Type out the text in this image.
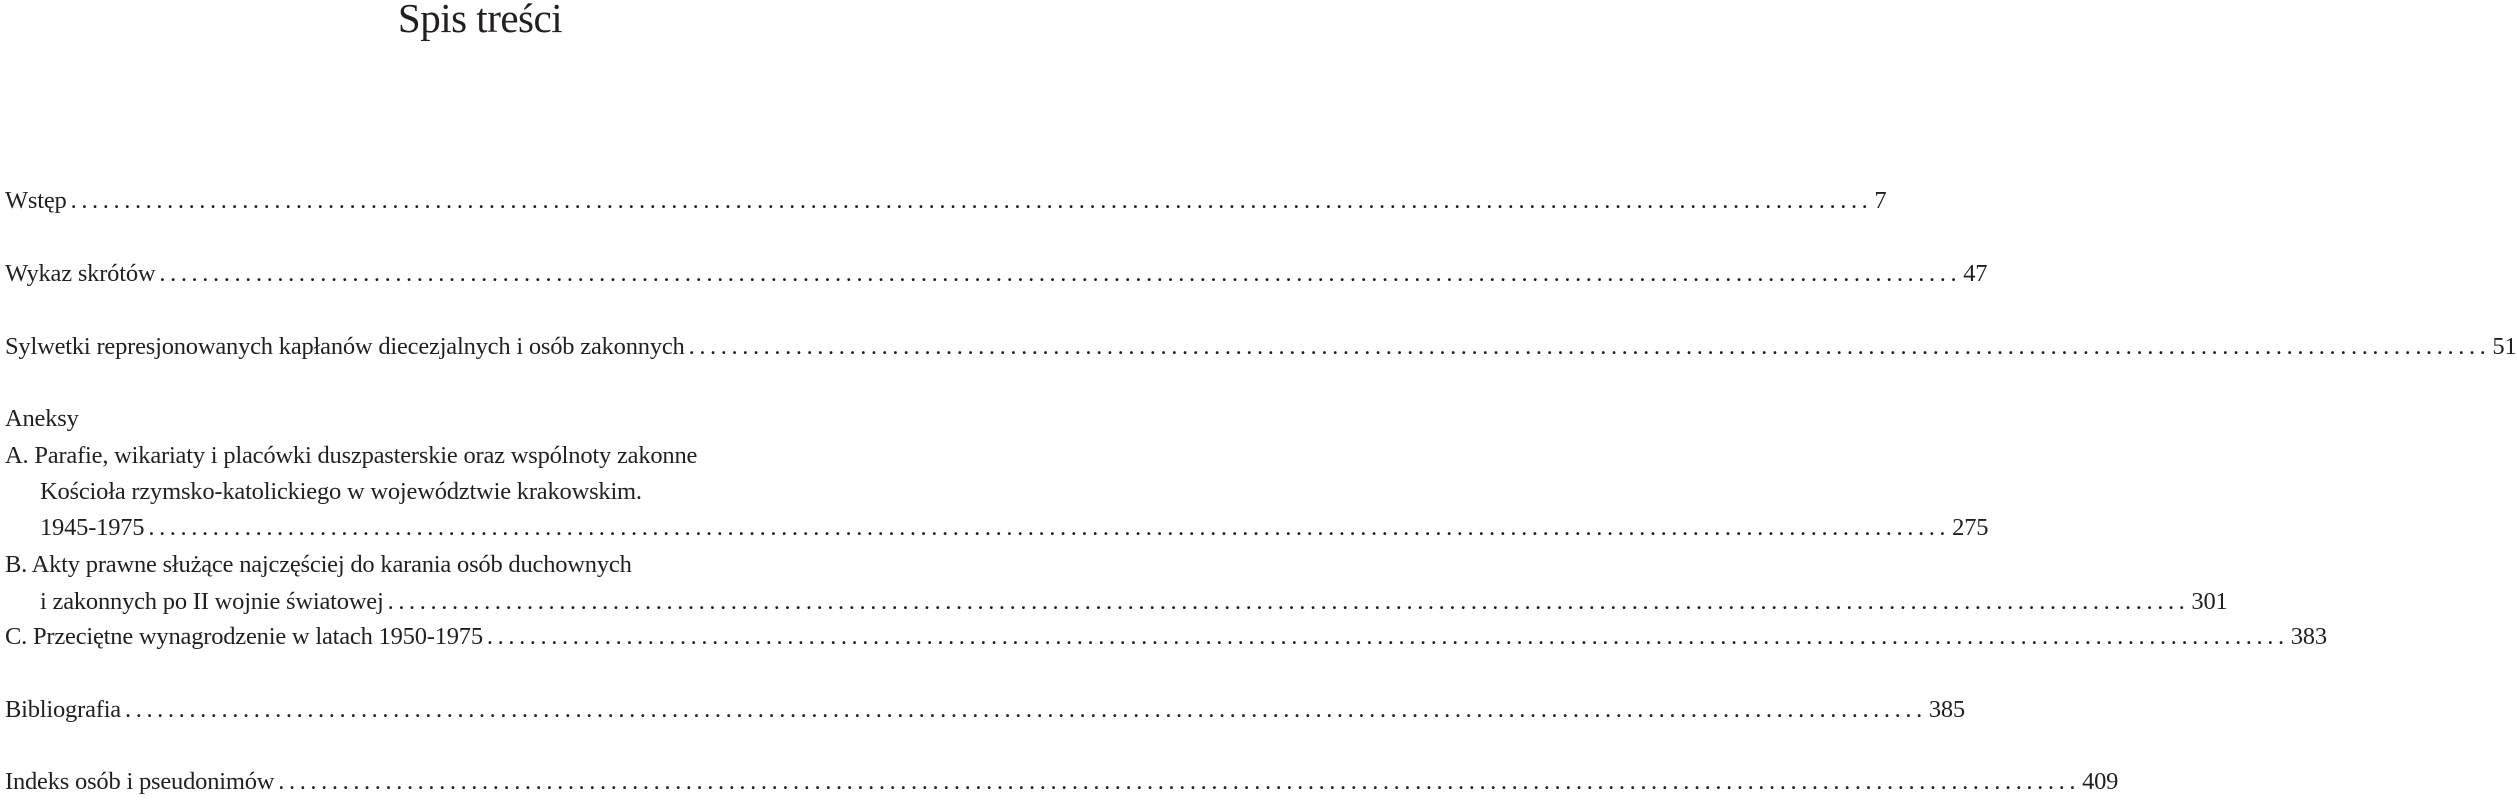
Spis treści
Wstęp ........................................................................................................................................................................ 7
Wykaz skrótów ........................................................................................................................................................................ 47
Sylwetki represjonowanych kapłanów diecezjalnych i osób zakonnych ........................................................................................................................................................................ 51
Aneksy
A. Parafie, wikariaty i placówki duszpasterskie oraz wspólnoty zakonne
Kościoła rzymsko-katolickiego w województwie krakowskim.
1945-1975 ........................................................................................................................................................................ 275
B. Akty prawne służące najczęściej do karania osób duchownych
i zakonnych po II wojnie światowej ........................................................................................................................................................................ 301
C. Przeciętne wynagrodzenie w latach 1950-1975 ........................................................................................................................................................................ 383
Bibliografia ........................................................................................................................................................................ 385
Indeks osób i pseudonimów ........................................................................................................................................................................ 409
